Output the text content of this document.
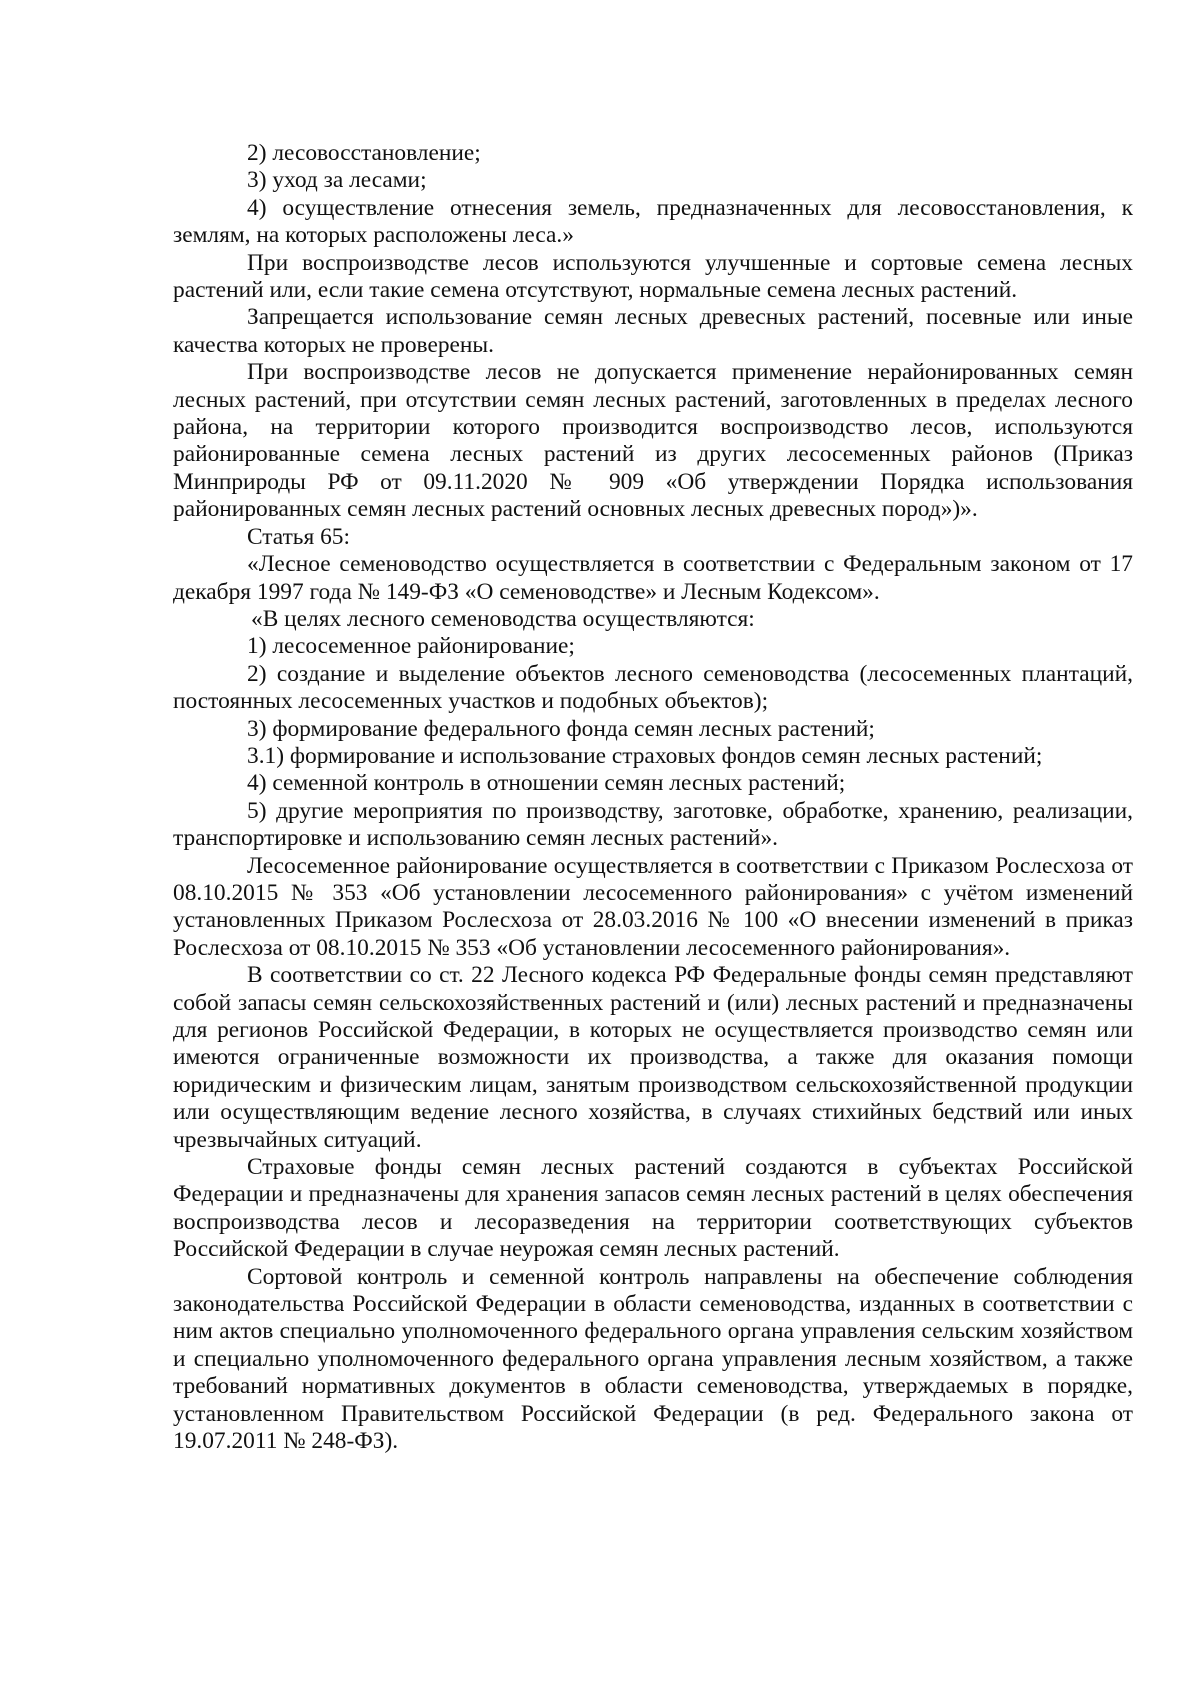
2) лесовосстановление;

3) уход за лесами;

4) осуществление отнесения земель, предназначенных для лесовосстановления, к землям, на которых расположены леса.»

При воспроизводстве лесов используются улучшенные и сортовые семена лесных растений или, если такие семена отсутствуют, нормальные семена лесных растений.

Запрещается использование семян лесных древесных растений, посевные или иные качества которых не проверены.

При воспроизводстве лесов не допускается применение нерайонированных семян лесных растений, при отсутствии семян лесных растений, заготовленных в пределах лесного района, на территории которого производится воспроизводство лесов, используются районированные семена лесных растений из других лесосеменных районов (Приказ Минприроды РФ от 09.11.2020 № 909 «Об утверждении Порядка использования районированных семян лесных растений основных лесных древесных пород»)».

Статья 65:

«Лесное семеноводство осуществляется в соответствии с Федеральным законом от 17 декабря 1997 года № 149-ФЗ «О семеноводстве» и Лесным Кодексом».

«В целях лесного семеноводства осуществляются:

1) лесосеменное районирование;

2) создание и выделение объектов лесного семеноводства (лесосеменных плантаций, постоянных лесосеменных участков и подобных объектов);

3) формирование федерального фонда семян лесных растений;

3.1) формирование и использование страховых фондов семян лесных растений;

4) семенной контроль в отношении семян лесных растений;

5) другие мероприятия по производству, заготовке, обработке, хранению, реализации, транспортировке и использованию семян лесных растений».

Лесосеменное районирование осуществляется в соответствии с Приказом Рослесхоза от 08.10.2015 № 353 «Об установлении лесосеменного районирования» с учётом изменений установленных Приказом Рослесхоза от 28.03.2016 № 100 «О внесении изменений в приказ Рослесхоза от 08.10.2015 № 353 «Об установлении лесосеменного районирования».

В соответствии со ст. 22 Лесного кодекса РФ Федеральные фонды семян представляют собой запасы семян сельскохозяйственных растений и (или) лесных растений и предназначены для регионов Российской Федерации, в которых не осуществляется производство семян или имеются ограниченные возможности их производства, а также для оказания помощи юридическим и физическим лицам, занятым производством сельскохозяйственной продукции или осуществляющим ведение лесного хозяйства, в случаях стихийных бедствий или иных чрезвычайных ситуаций.

Страховые фонды семян лесных растений создаются в субъектах Российской Федерации и предназначены для хранения запасов семян лесных растений в целях обеспечения воспроизводства лесов и лесоразведения на территории соответствующих субъектов Российской Федерации в случае неурожая семян лесных растений.

Сортовой контроль и семенной контроль направлены на обеспечение соблюдения законодательства Российской Федерации в области семеноводства, изданных в соответствии с ним актов специально уполномоченного федерального органа управления сельским хозяйством и специально уполномоченного федерального органа управления лесным хозяйством, а также требований нормативных документов в области семеноводства, утверждаемых в порядке, установленном Правительством Российской Федерации (в ред. Федерального закона от 19.07.2011 № 248-ФЗ).
